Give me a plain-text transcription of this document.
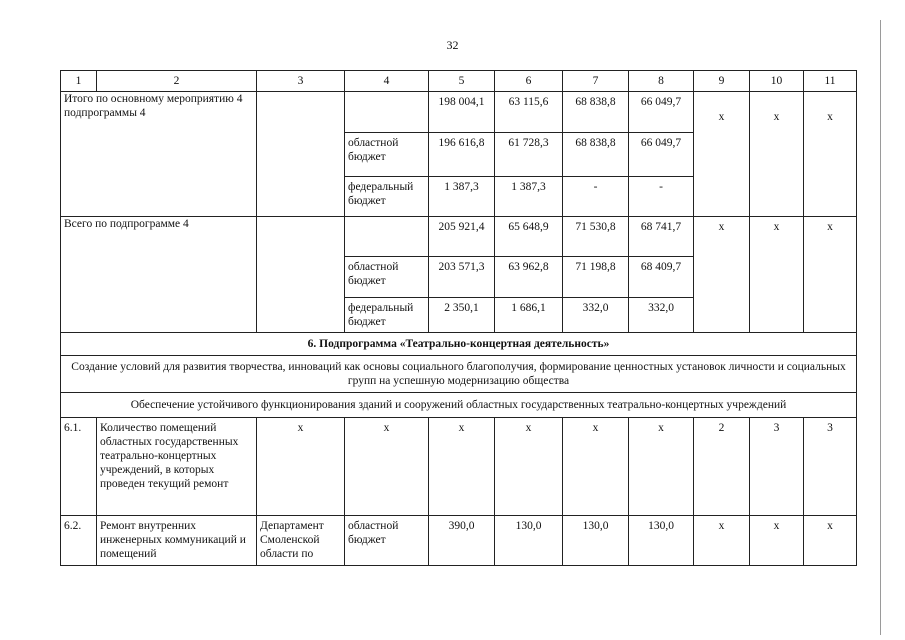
32
1	2	3	4	5	6	7	8	9	10	11
Итого по основному мероприятию 4 подпрограммы 4				198 004,1	63 115,6	68 838,8	66 049,7	х	х	х
			областной бюджет	196 616,8	61 728,3	68 838,8	66 049,7			
			федеральный бюджет	1 387,3	1 387,3	-	-			
Всего по подпрограмме 4				205 921,4	65 648,9	71 530,8	68 741,7	х	х	х
			областной бюджет	203 571,3	63 962,8	71 198,8	68 409,7			
			федеральный бюджет	2 350,1	1 686,1	332,0	332,0			
6. Подпрограмма «Театрально-концертная деятельность»										
Создание условий для развития творчества, инноваций как основы социального благополучия, формирование ценностных установок личности и социальных групп на успешную модернизацию общества										
Обеспечение устойчивого функционирования зданий и сооружений областных государственных театрально-концертных учреждений										
6.1.	Количество помещений областных государственных театрально-концертных учреждений, в которых проведен текущий ремонт	х	х	х	х	х	х	2	3	3
6.2.	Ремонт внутренних инженерных коммуникаций и помещений	Департамент Смоленской области по	областной бюджет	390,0	130,0	130,0	130,0	х	х	х
